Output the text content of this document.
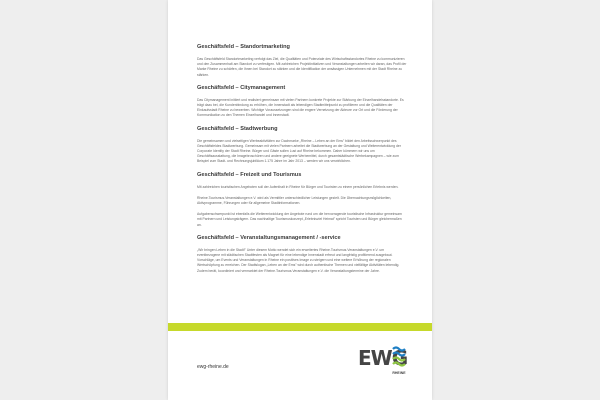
Geschäftsfeld – Standortmarketing

Das Geschäftsfeld Standortmarketing verfolgt das Ziel, die Qualitäten und Potenziale des Wirtschaftsstandortes Rheine zu kommunizieren und den Zusammenhalt am Standort zu verfestigen. Mit zahlreichen Projektinitiativen und Veranstaltungen arbeiten wir daran, das Profil der Marke Rheine zu schärfen, die Ihnen bei Standort zu stärken und die Identifikation der ansässigen Unternehmen mit der Stadt Rheine zu stärken.

Geschäftsfeld – Citymanagement

Das Citymanagement initiiert und realisiert gemeinsam mit vielen Partnern konkrete Projekte zur Stärkung der Einzelhandelsstandorte. Es trägt dazu bei, die Kundenbindung zu erhöhen, die Innenstadt als lebendigen Stadtmittelpunkt zu profilieren und die Qualitäten der Einkaufsstadt Rheine zu bewerben. Wichtige Voraussetzungen sind die engere Vernetzung der Akteure vor Ort und die Förderung der Kommunikation zu den Themen Einzelhandel und Innenstadt.

Geschäftsfeld – Stadtwerbung

Die gemeinsamen und vielseitigen Werbeaktivitäten zur Dachmarke „Rheine – Leben an der Ems" bildet den Arbeitsschwerpunkt des Geschäftsfeldes Stadtwerbung. Gemeinsam mit vielen Partnern arbeitet die Stadtwerbung an der Gestaltung und Weiterentwicklung der Corporate Identity der Stadt Rheine. Bürger und Gäste sollen Lust auf Rheine bekommen. Daher kümmern wir uns um Geschäftsausstattung, die Imagebroschüren und andere geeignete Werbemittel, durch gesamtstädtische Werbekampagnen – wie zum Beispiel zum Stadt- und Rechnungsjubiläum 1.175 Jahre im Jahr 2013 – werden wir uns verwirklichen.

Geschäftsfeld – Freizeit und Tourismus

Mit zahlreichen touristischen Angeboten soll der Aufenthalt in Rheine für Bürger und Touristen zu einem persönlichen Erlebnis werden.

Rheine.Tourismus.Veranstaltungen e.V. wird als Vermittler unterschiedlicher Leistungen gezielt. Die Übernachtungsmöglichkeiten, Aktivprogramme, Führungen oder für allgemeine Stadtinformationen.

Aufgabenschwerpunkt ist ebenfalls die Weiterentwicklung der Angebote rund um die hervorragende touristische Infrastruktur gemeinsam mit Partnern und Leistungsträgern. Das nachhaltige Tourismuskonzept „Erlebnisziel Heimat" spricht Touristen und Bürger gleichermaßen an.

Geschäftsfeld – Veranstaltungsmanagement / -service

„Wir bringen Leben in die Stadt!" Unter diesem Motto wendet sich ein erweitertes Rheine.Tourismus.Veranstaltungen e.V. um eventbezogene mit städtischen Stadtfesten als Magnet für eine lebendige Innenstadt erfreut und langfristig profitierend ausgebaut. Vorschläge, um Events und Veranstaltungen in Rheine ein positives Image zu steigern und eine weitere Erhöhung der regionalen Wertschöpfung zu erreichen. Der Stadtslogan „Leben an der Ems" wird durch authentische Themen und vielfältige Aktivitäten lebendig. Zudem berät, koordiniert und vermarktet der Rheine.Tourismus.Veranstaltungen e.V. die Veranstaltungstermine der Jahre.

ewg-rheine.de	EWG
RHEINE
